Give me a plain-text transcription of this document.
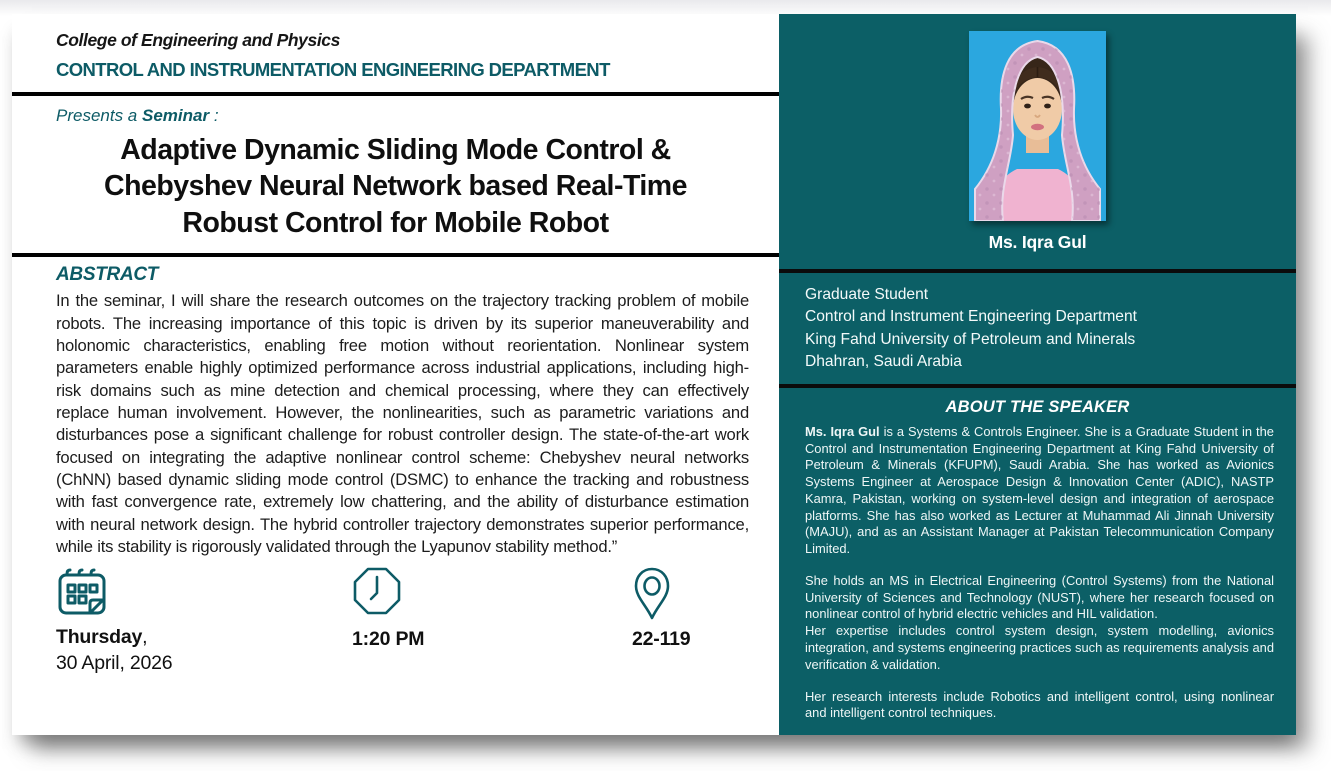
College of Engineering and Physics
CONTROL AND INSTRUMENTATION ENGINEERING DEPARTMENT
Presents a Seminar :
Adaptive Dynamic Sliding Mode Control &
Chebyshev Neural Network based Real-Time
Robust Control for Mobile Robot
ABSTRACT
In the seminar, I will share the research outcomes on the trajectory tracking problem of mobile robots. The increasing importance of this topic is driven by its superior maneuverability and holonomic characteristics, enabling free motion without reorientation. Nonlinear system parameters enable highly optimized performance across industrial applications, including high-risk domains such as mine detection and chemical processing, where they can effectively replace human involvement. However, the nonlinearities, such as parametric variations and disturbances pose a significant challenge for robust controller design. The state-of-the-art work focused on integrating the adaptive nonlinear control scheme: Chebyshev neural networks (ChNN) based dynamic sliding mode control (DSMC) to enhance the tracking and robustness with fast convergence rate, extremely low chattering, and the ability of disturbance estimation with neural network design. The hybrid controller trajectory demonstrates superior performance, while its stability is rigorously validated through the Lyapunov stability method.”
Thursday,
30 April, 2026
1:20 PM	22-119
Ms. Iqra Gul
Graduate Student
Control and Instrument Engineering Department
King Fahd University of Petroleum and Minerals
Dhahran, Saudi Arabia
ABOUT THE SPEAKER

Ms. Iqra Gul is a Systems & Controls Engineer. She is a Graduate Student in the Control and Instrumentation Engineering Department at King Fahd University of Petroleum & Minerals (KFUPM), Saudi Arabia. She has worked as Avionics Systems Engineer at Aerospace Design & Innovation Center (ADIC), NASTP Kamra, Pakistan, working on system-level design and integration of aerospace platforms. She has also worked as Lecturer at Muhammad Ali Jinnah University (MAJU), and as an Assistant Manager at Pakistan Telecommunication Company Limited.

She holds an MS in Electrical Engineering (Control Systems) from the National University of Sciences and Technology (NUST), where her research focused on nonlinear control of hybrid electric vehicles and HIL validation.

Her expertise includes control system design, system modelling, avionics integration, and systems engineering practices such as requirements analysis and verification & validation.

Her research interests include Robotics and intelligent control, using nonlinear and intelligent control techniques.
